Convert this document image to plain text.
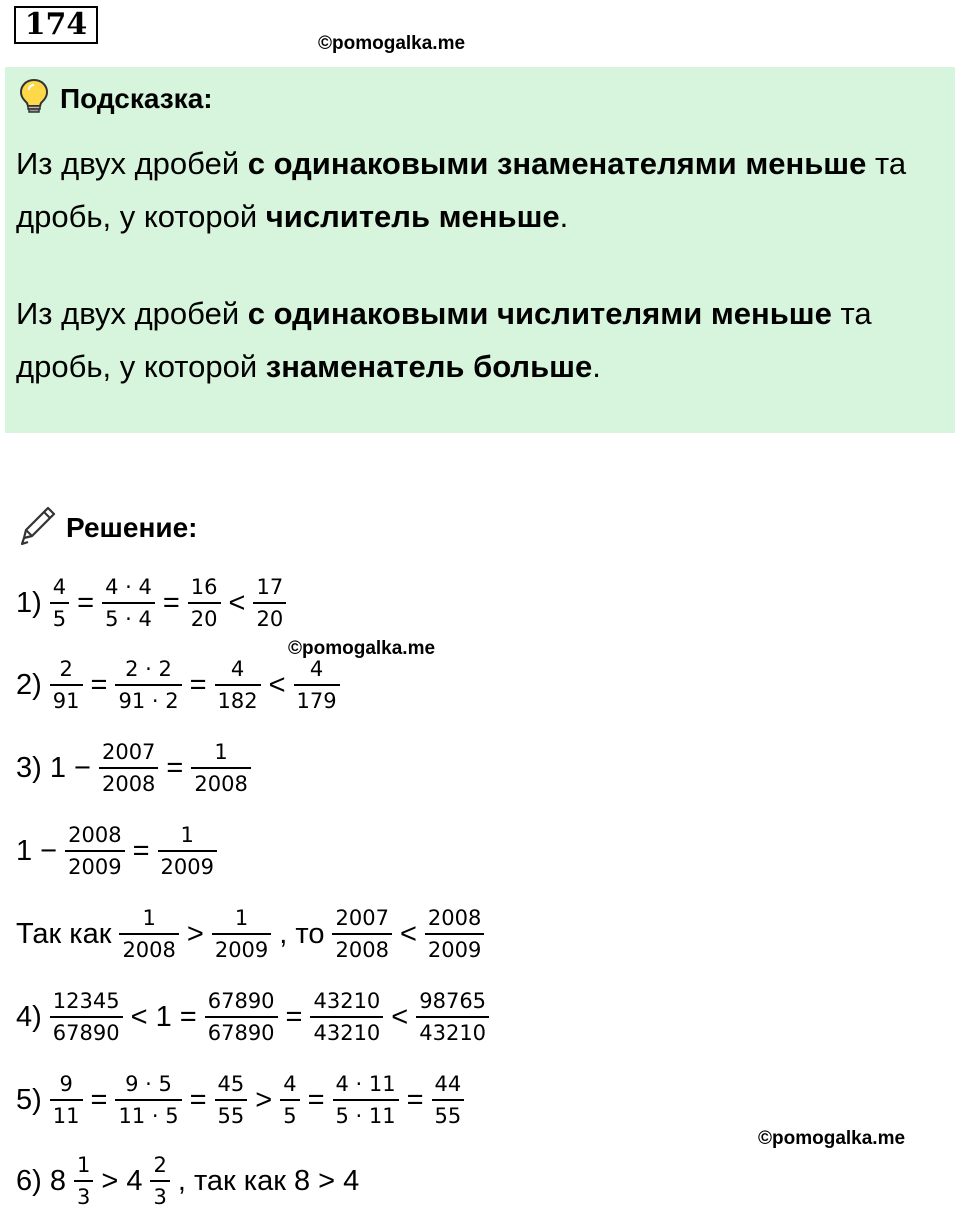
174
©pomogalka.me
Подсказка:
Из двух дробей с одинаковыми знаменателями меньше та дробь, у которой числитель меньше.
Из двух дробей с одинаковыми числителями меньше та дробь, у которой знаменатель больше.
Решение:
$1) \frac{4}{5} = \frac{4 \cdot 4}{5 \cdot 4} = \frac{16}{20} < \frac{17}{20}$
©pomogalka.me
$2) \frac{2}{91} = \frac{2 \cdot 2}{91 \cdot 2} = \frac{4}{182} < \frac{4}{179}$
3) $1 - \frac{2007}{2008} = \frac{1}{2008}$
$1 - \frac{2008}{2009} = \frac{1}{2009}$
Так как $\frac{1}{2008} > \frac{1}{2009}$ , то $\frac{2007}{2008} < \frac{2008}{2009}$
$4) \frac{12345}{67890} < 1 = \frac{67890}{67890} = \frac{43210}{43210} < \frac{98765}{43210}$
$5) \frac{9}{11} = \frac{9 \cdot 5}{11 \cdot 5} = \frac{45}{55} > \frac{4}{5} = \frac{4 \cdot 11}{5 \cdot 11} = \frac{44}{55}$
©pomogalka.me
6) $8 \frac{1}{3} > 4 \frac{2}{3}$ , так как 8 > 4
